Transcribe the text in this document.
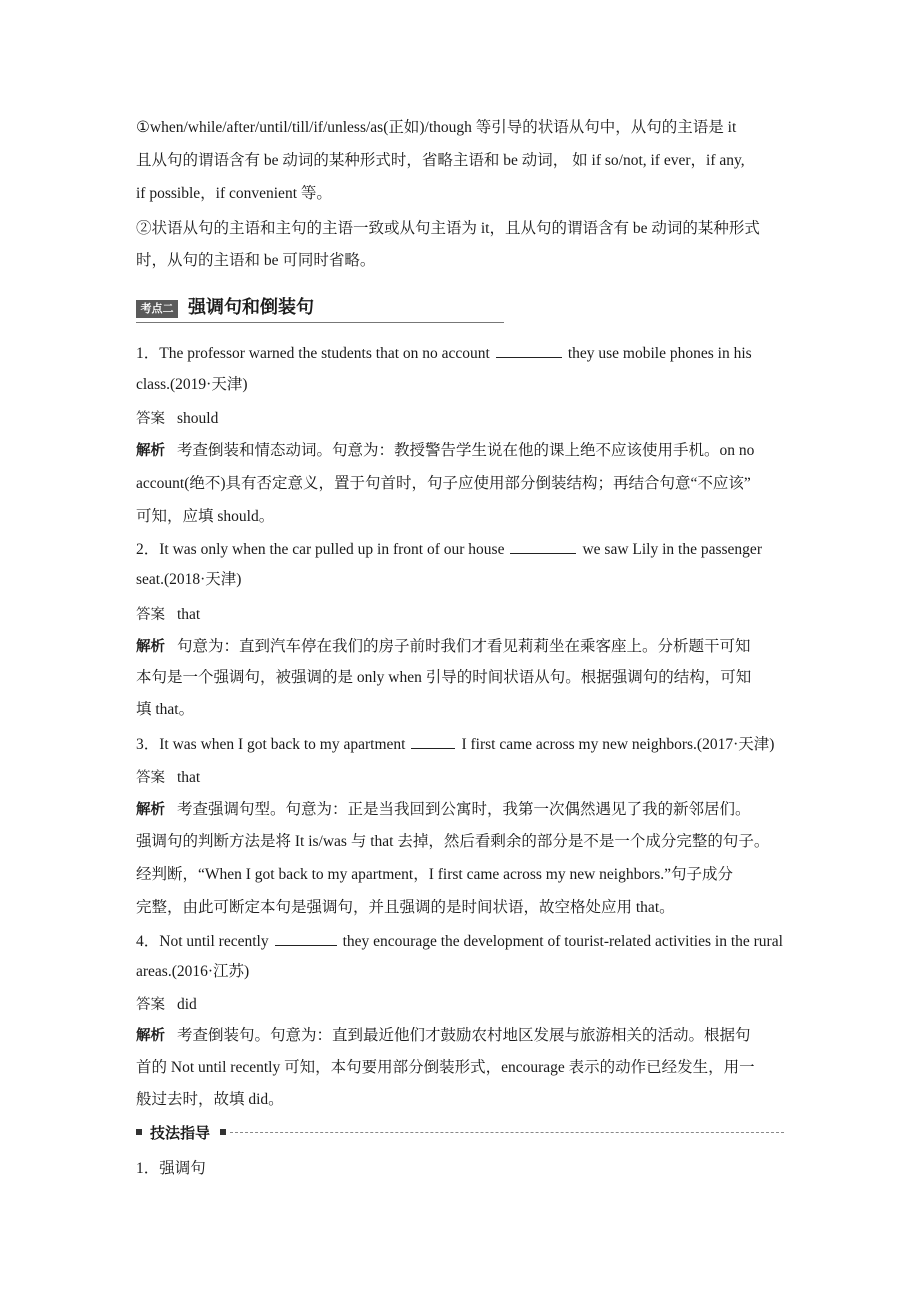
①when/while/after/until/till/if/unless/as(正如)/though 等引导的状语从句中，从句的主语是 it
且从句的谓语含有 be 动词的某种形式时，省略主语和 be 动词， 如 if so/not, if ever，if any,
if possible，if convenient 等。
②状语从句的主语和主句的主语一致或从句主语为 it，且从句的谓语含有 be 动词的某种形式
时，从句的主语和 be 可同时省略。
考点二 强调句和倒装句
1．The professor warned the students that on no account	they use mobile phones in his
class.(2019·天津)
答案 should
解析 考查倒装和情态动词。句意为：教授警告学生说在他的课上绝不应该使用手机。on no
account(绝不)具有否定意义，置于句首时，句子应使用部分倒装结构；再结合句意“不应该”
可知，应填 should。
2．It was only when the car pulled up in front of our house	we saw Lily in the passenger
seat.(2018·天津)
答案 that
解析 句意为：直到汽车停在我们的房子前时我们才看见莉莉坐在乘客座上。分析题干可知
本句是一个强调句，被强调的是 only when 引导的时间状语从句。根据强调句的结构，可知
填 that。
3．It was when I got back to my apartment	I first came across my new neighbors.(2017·天津)
答案 that
解析 考查强调句型。句意为：正是当我回到公寓时，我第一次偶然遇见了我的新邻居们。
强调句的判断方法是将 It is/was 与 that 去掉，然后看剩余的部分是不是一个成分完整的句子。
经判断，“When I got back to my apartment，I first came across my new neighbors.”句子成分
完整，由此可断定本句是强调句，并且强调的是时间状语，故空格处应用 that。
4．Not until recently	they encourage the development of tourist-related activities in the rural
areas.(2016·江苏)
答案 did
解析 考查倒装句。句意为：直到最近他们才鼓励农村地区发展与旅游相关的活动。根据句
首的 Not until recently 可知，本句要用部分倒装形式，encourage 表示的动作已经发生，用一
般过去时，故填 did。
技法指导
1．强调句
